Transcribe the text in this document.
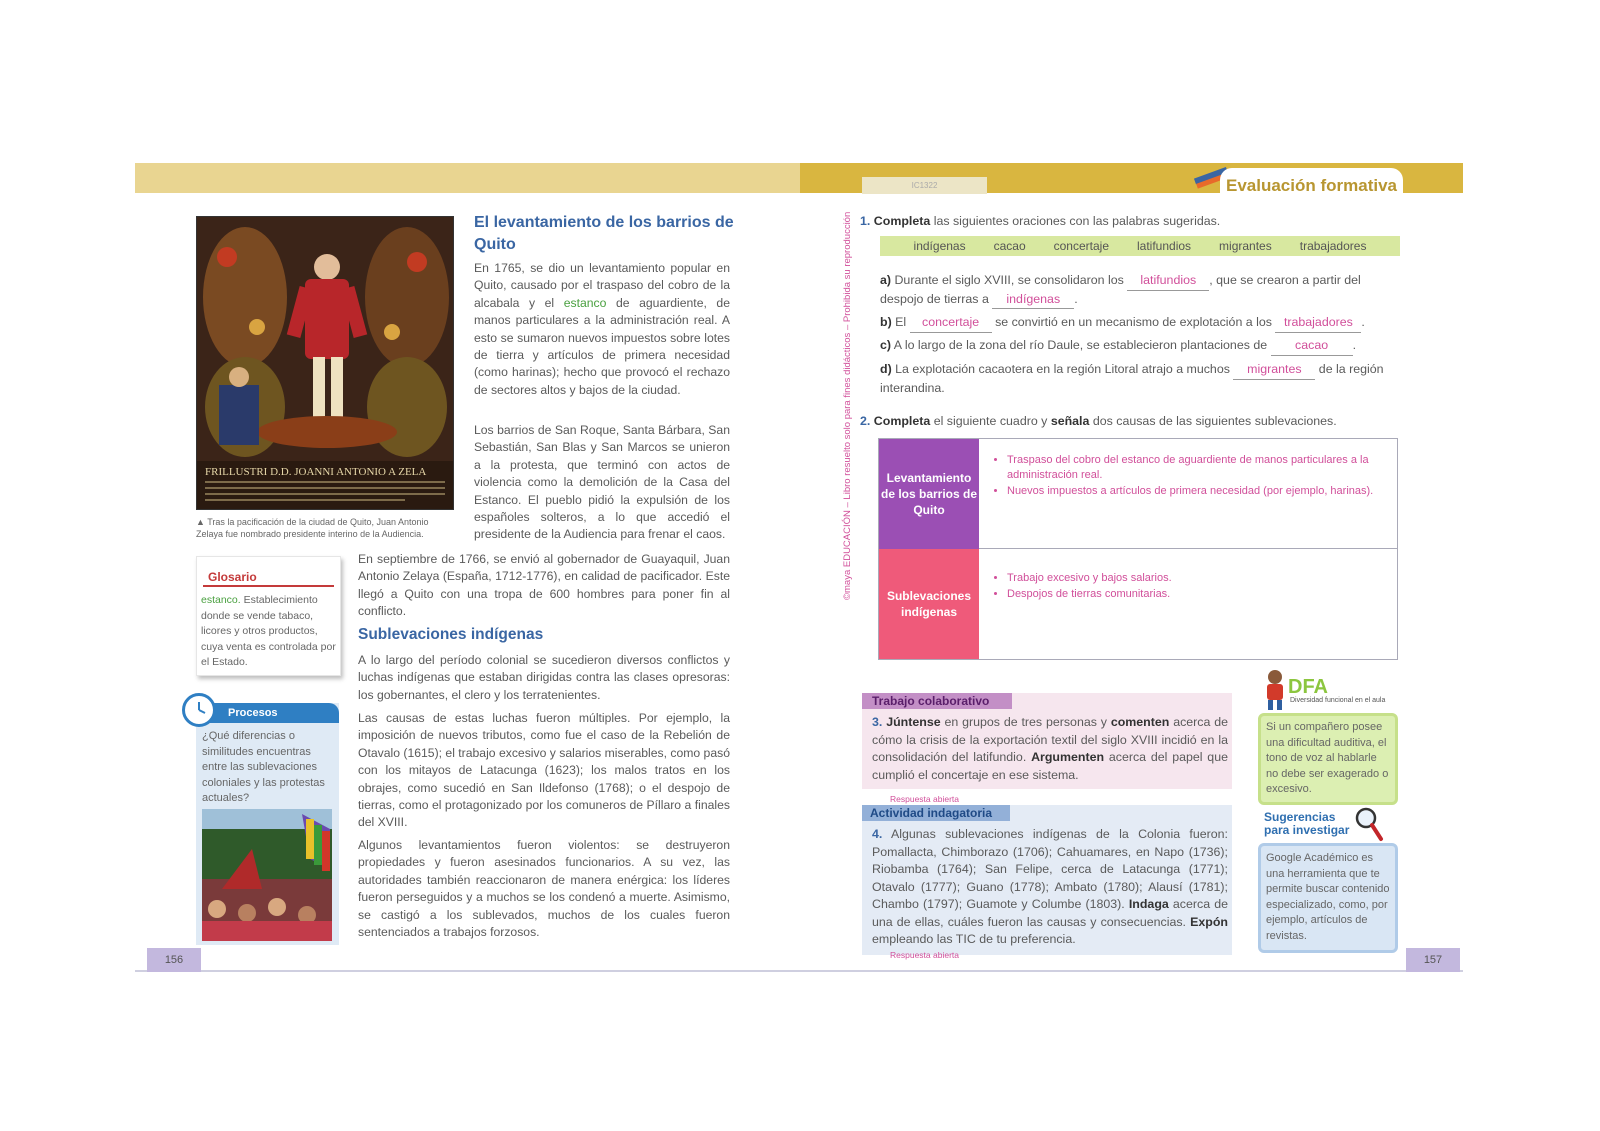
IC1322	Evaluación formativa
156	157
FRILLUSTRI D.D. JOANNI ANTONIO A ZELA
▲ Tras la pacificación de la ciudad de Quito, Juan Antonio Zelaya fue nombrado presidente interino de la Audiencia.
El levantamiento de los barrios de Quito
En 1765, se dio un levantamiento popular en Quito, causado por el traspaso del cobro de la alcabala y el estanco de aguardiente, de manos particulares a la administración real. A esto se sumaron nuevos impuestos sobre lotes de tierra y artículos de primera necesidad (como harinas); hecho que provocó el rechazo de sectores altos y bajos de la ciudad.
Los barrios de San Roque, Santa Bárbara, San Sebastián, San Blas y San Marcos se unieron a la protesta, que terminó con actos de violencia como la demolición de la Casa del Estanco. El pueblo pidió la expulsión de los españoles solteros, a lo que accedió el presidente de la Audiencia para frenar el caos.
En septiembre de 1766, se envió al gobernador de Guayaquil, Juan Antonio Zelaya (España, 1712-1776), en calidad de pacificador. Este llegó a Quito con una tropa de 600 hombres para poner fin al conflicto.
Sublevaciones indígenas
A lo largo del período colonial se sucedieron diversos conflictos y luchas indígenas que estaban dirigidas contra las clases opresoras: los gobernantes, el clero y los terratenientes.
Las causas de estas luchas fueron múltiples. Por ejemplo, la imposición de nuevos tributos, como fue el caso de la Rebelión de Otavalo (1615); el trabajo excesivo y salarios miserables, como pasó con los mitayos de Latacunga (1623); los malos tratos en los obrajes, como sucedió en San Ildefonso (1768); o el despojo de tierras, como el protagonizado por los comuneros de Píllaro a finales del XVIII.
Algunos levantamientos fueron violentos: se destruyeron propiedades y fueron asesinados funcionarios. A su vez, las autoridades también reaccionaron de manera enérgica: los líderes fueron perseguidos y a muchos se los condenó a muerte. Asimismo, se castigó a los sublevados, muchos de los cuales fueron sentenciados a trabajos forzosos.
Glosario
estanco. Establecimiento donde se vende tabaco, licores y otros productos, cuya venta es controlada por el Estado.
Procesos
¿Qué diferencias o similitudes encuentras entre las sublevaciones coloniales y las protestas actuales?
©maya EDUCACIÓN – Libro resuelto solo para fines didácticos – Prohibida su reproducción 1. Completa las siguientes oraciones con las palabras sugeridas.
indígenas cacao concertaje latifundios migrantes trabajadores
a) Durante el siglo XVIII, se consolidaron los latifundios , que se crearon a partir del despojo de tierras a indígenas .
b) El concertaje se convirtió en un mecanismo de explotación a los trabajadores .
c) A lo largo de la zona del río Daule, se establecieron plantaciones de cacao .
d) La explotación cacaotera en la región Litoral atrajo a muchos migrantes de la región interandina.
2. Completa el siguiente cuadro y señala dos causas de las siguientes sublevaciones.
Levantamiento de los barrios de Quito
• Traspaso del cobro del estanco de aguardiente de manos particulares a la administración real.
• Nuevos impuestos a artículos de primera necesidad (por ejemplo, harinas).
Sublevaciones indígenas
• Trabajo excesivo y bajos salarios.
• Despojos de tierras comunitarias.
Trabajo colaborativo
3. Júntense en grupos de tres personas y comenten acerca de cómo la crisis de la exportación textil del siglo XVIII incidió en la consolidación del latifundio. Argumenten acerca del papel que cumplió el concertaje en ese sistema.
Respuesta abierta
Actividad indagatoria
4. Algunas sublevaciones indígenas de la Colonia fueron: Pomallacta, Chimborazo (1706); Cahuamares, en Napo (1736); Riobamba (1764); San Felipe, cerca de Latacunga (1771); Otavalo (1777); Guano (1778); Ambato (1780); Alausí (1781); Chambo (1797); Guamote y Columbe (1803). Indaga acerca de una de ellas, cuáles fueron las causas y consecuencias. Expón empleando las TIC de tu preferencia.
Respuesta abierta
DFA
Diversidad funcional en el aula
Si un compañero posee una dificultad auditiva, el tono de voz al hablarle no debe ser exagerado o excesivo.
Sugerencias
para investigar
Google Académico es una herramienta que te permite buscar contenido especializado, como, por ejemplo, artículos de revistas.
